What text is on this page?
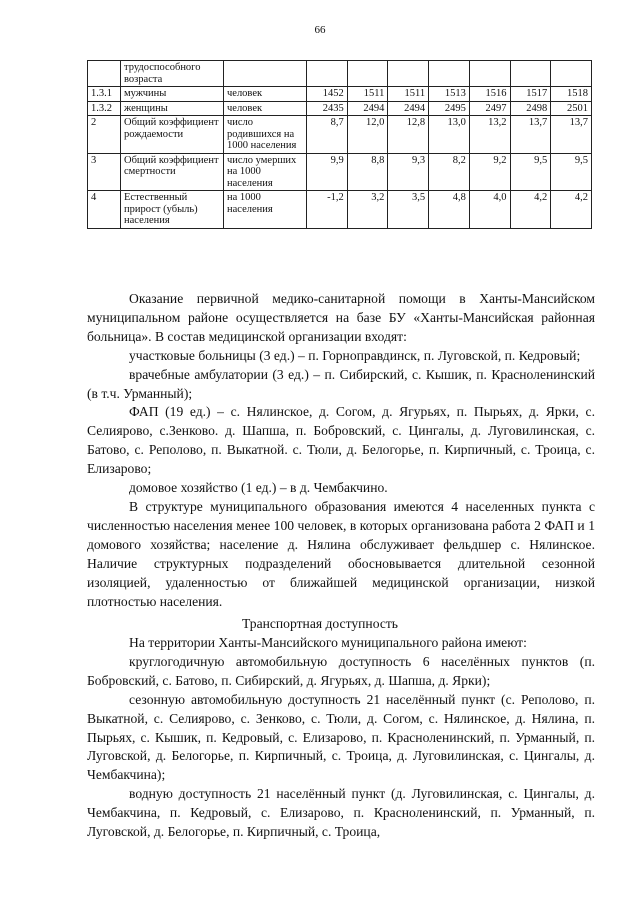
66
	трудоспособного возраста								
1.3.1	мужчины	человек	1452	1511	1511	1513	1516	1517	1518
1.3.2	женщины	человек	2435	2494	2494	2495	2497	2498	2501
2	Общий коэффициент рождаемости	число родившихся на 1000 населения	8,7	12,0	12,8	13,0	13,2	13,7	13,7
3	Общий коэффициент смертности	число умерших на 1000 населения	9,9	8,8	9,3	8,2	9,2	9,5	9,5
4	Естественный прирост (убыль) населения	на 1000 населения	-1,2	3,2	3,5	4,8	4,0	4,2	4,2

Оказание первичной медико-санитарной помощи в Ханты-Мансийском муниципальном районе осуществляется на базе БУ «Ханты-Мансийская районная больница». В состав медицинской организации входят:

участковые больницы (3 ед.) – п. Горноправдинск, п. Луговской, п. Кедровый;

врачебные амбулатории (3 ед.) – п. Сибирский, с. Кышик, п. Красноленинский (в т.ч. Урманный);

ФАП (19 ед.) – с. Нялинское, д. Согом, д. Ягурьях, п. Пырьях, д. Ярки, с. Селиярово, с.Зенково. д. Шапша, п. Бобровский, с. Цингалы, д. Луговилинская, с. Батово, с. Реполово, п. Выкатной. с. Тюли, д. Белогорье, п. Кирпичный, с. Троица, с. Елизарово;

домовое хозяйство (1 ед.) – в д. Чембакчино.

В структуре муниципального образования имеются 4 населенных пункта с численностью населения менее 100 человек, в которых организована работа 2 ФАП и 1 домового хозяйства; население д. Нялина обслуживает фельдшер с. Нялинское. Наличие структурных подразделений обосновывается длительной сезонной изоляцией, удаленностью от ближайшей медицинской организации, низкой плотностью населения.

Транспортная доступность

На территории Ханты-Мансийского муниципального района имеют:

круглогодичную автомобильную доступность 6 населённых пунктов (п. Бобровский, с. Батово, п. Сибирский, д. Ягурьях, д. Шапша, д. Ярки);

сезонную автомобильную доступность 21 населённый пункт (с. Реполово, п. Выкатной, с. Селиярово, с. Зенково, с. Тюли, д. Согом, с. Нялинское, д. Нялина, п. Пырьях, с. Кышик, п. Кедровый, с. Елизарово, п. Красноленинский, п. Урманный, п. Луговской, д. Белогорье, п. Кирпичный, с. Троица, д. Луговилинская, с. Цингалы, д. Чембакчина);

водную доступность 21 населённый пункт (д. Луговилинская, с. Цингалы, д. Чембакчина, п. Кедровый, с. Елизарово, п. Красноленинский, п. Урманный, п. Луговской, д. Белогорье, п. Кирпичный, с. Троица,
